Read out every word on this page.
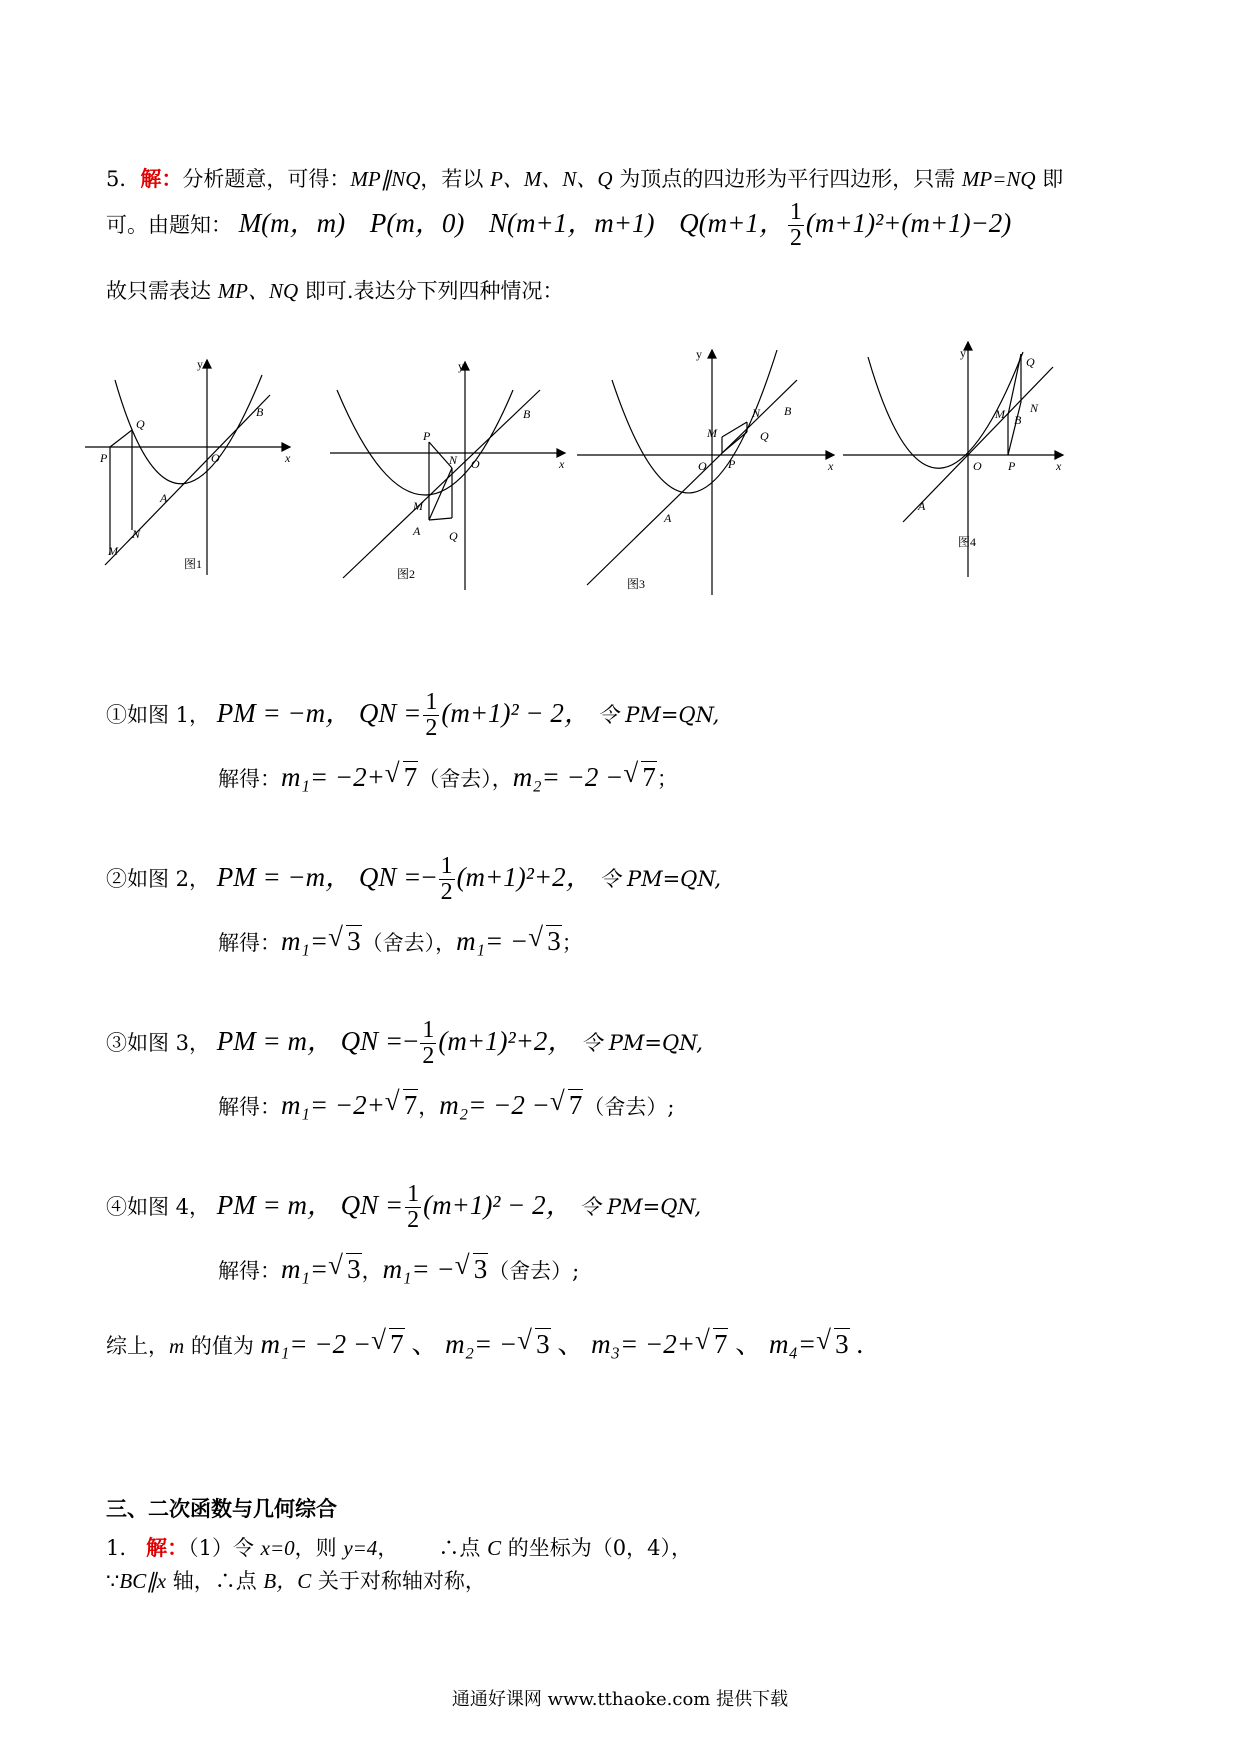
5．解：分析题意，可得：MP∥NQ，若以 P、M、N、Q 为顶点的四边形为平行四边形，只需 MP=NQ 即
可。由题知： M(m，m) P(m，0) N(m+1，m+1) Q(m+1， $\frac{1}{2} (m+1)^2+(m+1)-2$)
故只需表达 MP、NQ 即可.表达分下列四种情况：
y
x
O
A
B
P
Q
M
N
图1
y
x
O
A
B
P
Q
M
N
图2
y
x
O
A
B
P
Q
M
N
图3
y
x
O
A
B
P
Q
M N
图4
①如图 1， PM = −m， QN = $\frac{1}{2} (m+1)^2 - 2$， 令 PM=QN,
解得：m₁= −2+ √ 7（舍去），m₂= −2 − √ 7；
②如图 2， PM = −m， QN =− $\frac{1}{2} (m+1)^2+2$， 令 PM=QN,
解得：m₁= √ 3（舍去），m₁= − √ 3；
③如图 3， PM = m， QN =− $\frac{1}{2} (m+1)^2+2$， 令 PM=QN,
解得：m₁= −2+ √ 7，m₂= −2 − √ 7（舍去）;
④如图 4， PM = m， QN = $\frac{1}{2} (m+1)^2 - 2$， 令 PM=QN,
解得：m₁= √ 3，m₁= − √ 3（舍去）;
综上，m 的值为 m₁= −2 − √ 7 、 m₂= − √ 3 、 m₃= −2+ √ 7 、 m₄= √ 3 .
三、二次函数与几何综合
1. 解：（1）令 x=0，则 y=4， ∴点 C 的坐标为（0，4），
∵BC∥x 轴，∴点 B，C 关于对称轴对称，
通通好课网 www.tthaoke.com 提供下载
